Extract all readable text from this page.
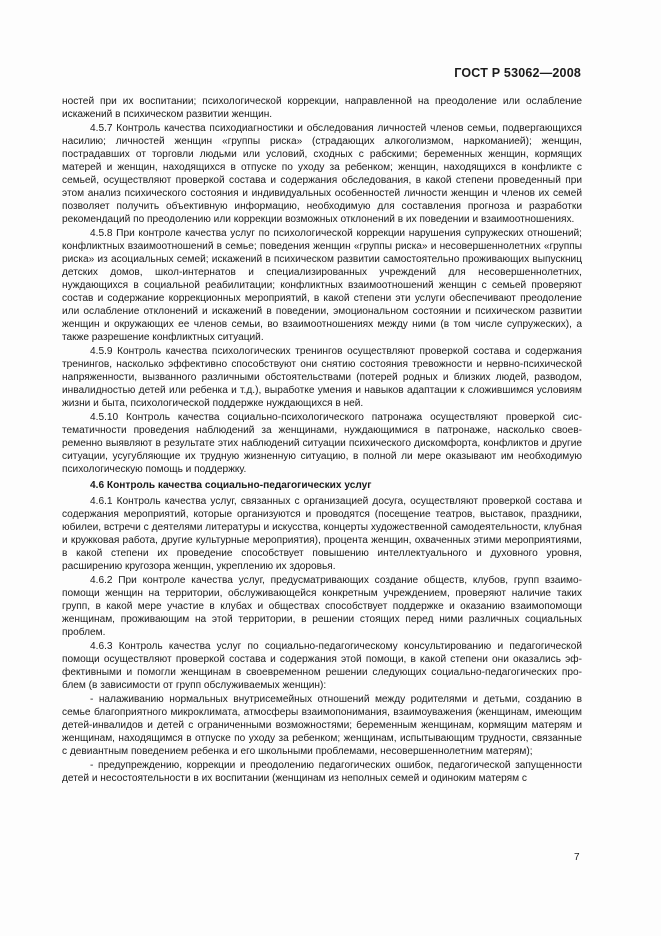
ГОСТ Р 53062—2008

ностей при их воспитании; психологической коррекции, направленной на преодоление или ослабление искажений в психическом развитии женщин.

4.5.7 Контроль качества психодиагностики и обследования личностей членов семьи, подвергающихся насилию; личностей женщин «группы риска» (страдающих алкоголизмом, наркоманией); женщин, пострадавших от торговли людьми или условий, сходных с рабскими; беременных женщин, кормящих матерей и женщин, находящихся в отпуске по уходу за ребенком; женщин, находящихся в конфликте с семьей, осуществляют проверкой состава и содержания обследования, в какой степени проведенный при этом анализ психического состояния и индивидуальных особенностей личности женщин и членов их семей позволяет получить объективную информацию, необходимую для составления прогноза и разработки рекомендаций по преодолению или коррекции возможных отклонений в их поведении и взаимоотношениях.

4.5.8 При контроле качества услуг по психологической коррекции нарушения супружеских отношений; конфликтных взаимоотношений в семье; поведения женщин «группы риска» и несовершеннолетних «группы риска» из асоциальных семей; искажений в психическом развитии самостоятельно проживающих выпускниц детских домов, школ-интернатов и специализированных учреждений для несовершеннолетних, нуждающихся в социальной реабилитации; конфликтных взаимоотношений женщин с семьей проверяют состав и содержание коррекционных мероприятий, в какой степени эти услуги обеспечивают преодоление или ослабление отклонений и искажений в поведении, эмоциональном состоянии и психическом развитии женщин и окружающих ее членов семьи, во взаимоотношениях между ними (в том числе супружеских), а также разрешение конфликтных ситуаций.

4.5.9 Контроль качества психологических тренингов осуществляют проверкой состава и содержания тренингов, насколько эффективно способствуют они снятию состояния тревожности и нервно-психической напряженности, вызванного различными обстоятельствами (потерей родных и близких людей, разводом, инвалидностью детей или ребенка и т.д.), выработке умения и навыков адаптации к сложившимся условиям жизни и быта, психологической поддержке нуждающихся в ней.

4.5.10 Контроль качества социально-психологического патронажа осуществляют проверкой систематичности проведения наблюдений за женщинами, нуждающимися в патронаже, насколько своевременно выявляют в результате этих наблюдений ситуации психического дискомфорта, конфликтов и другие ситуации, усугубляющие их трудную жизненную ситуацию, в полной ли мере оказывают им необходимую психологическую помощь и поддержку.

4.6 Контроль качества социально-педагогических услуг

4.6.1 Контроль качества услуг, связанных с организацией досуга, осуществляют проверкой состава и содержания мероприятий, которые организуются и проводятся (посещение театров, выставок, праздники, юбилеи, встречи с деятелями литературы и искусства, концерты художественной самодеятельности, клубная и кружковая работа, другие культурные мероприятия), процента женщин, охваченных этими мероприятиями, в какой степени их проведение способствует повышению интеллектуального и духовного уровня, расширению кругозора женщин, укреплению их здоровья.

4.6.2 При контроле качества услуг, предусматривающих создание обществ, клубов, групп взаимопомощи женщин на территории, обслуживающейся конкретным учреждением, проверяют наличие таких групп, в какой мере участие в клубах и обществах способствует поддержке и оказанию взаимопомощи женщинам, проживающим на этой территории, в решении стоящих перед ними различных социальных проблем.

4.6.3 Контроль качества услуг по социально-педагогическому консультированию и педагогической помощи осуществляют проверкой состава и содержания этой помощи, в какой степени они оказались эффективными и помогли женщинам в своевременном решении следующих социально-педагогических проблем (в зависимости от групп обслуживаемых женщин):

- налаживанию нормальных внутрисемейных отношений между родителями и детьми, созданию в семье благоприятного микроклимата, атмосферы взаимопонимания, взаимоуважения (женщинам, имеющим детей-инвалидов и детей с ограниченными возможностями; беременным женщинам, кормящим матерям и женщинам, находящимся в отпуске по уходу за ребенком; женщинам, испытывающим трудности, связанные с девиантным поведением ребенка и его школьными проблемами, несовершеннолетним матерям);

- предупреждению, коррекции и преодолению педагогических ошибок, педагогической запущенности детей и несостоятельности в их воспитании (женщинам из неполных семей и одиноким матерям с

7
